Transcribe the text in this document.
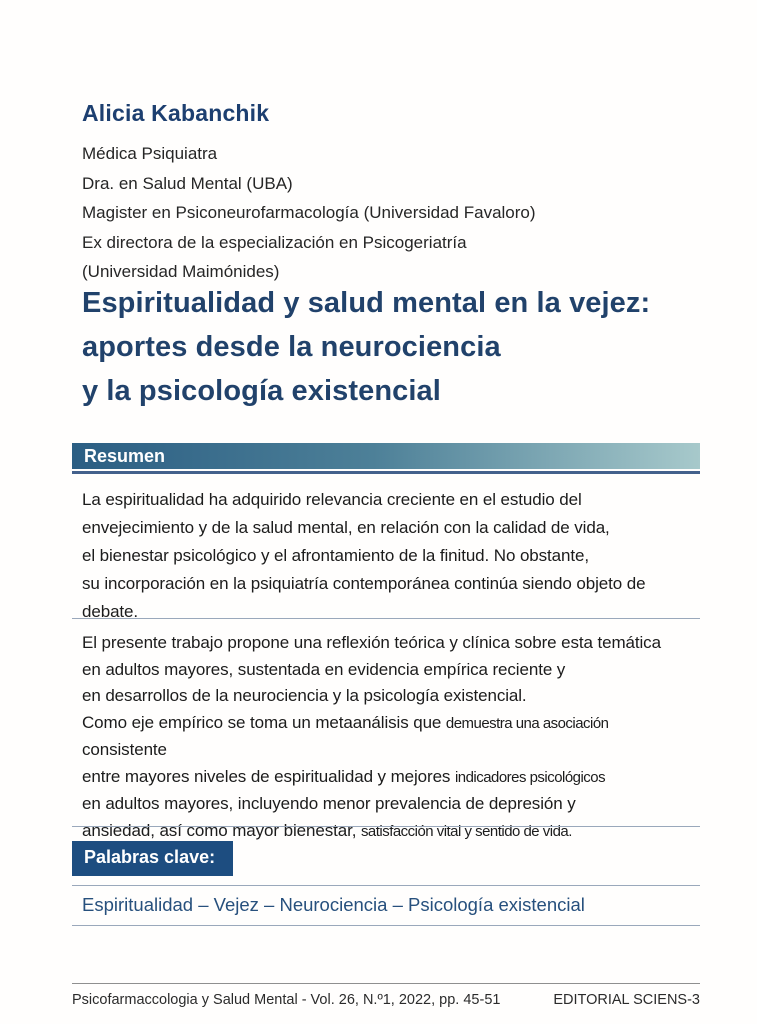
Alicia Kabanchik
Médica Psiquiatra
Dra. en Salud Mental (UBA)
Magister en Psiconeurofarmacología (Universidad Favaloro)
Ex directora de la especialización en Psicogeriatría
(Universidad Maimónides)
Espiritualidad y salud mental en la vejez:
aportes desde la neurociencia
y la psicología existencial
Resumen
La espiritualidad ha adquirido relevancia creciente en el estudio del
envejecimiento y de la salud mental, en relación con la calidad de vida,
el bienestar psicológico y el afrontamiento de la finitud. No obstante,
su incorporación en la psiquiatría contemporánea continúa siendo objeto de
debate.
El presente trabajo propone una reflexión teórica y clínica sobre esta temática
en adultos mayores, sustentada en evidencia empírica reciente y
en desarrollos de la neurociencia y la psicología existencial.
Como eje empírico se toma un metaanálisis que demuestra una asociación consistente
entre mayores niveles de espiritualidad y mejores indicadores psicológicos
en adultos mayores, incluyendo menor prevalencia de depresión y
ansiedad, así como mayor bienestar, satisfacción vital y sentido de vida.
Palabras clave:
Espiritualidad – Vejez – Neurociencia – Psicología existencial
Psicofarmaccologia y Salud Mental - Vol. 26, N.º1, 2022, pp. 45-51	EDITORIAL SCIENS-3
